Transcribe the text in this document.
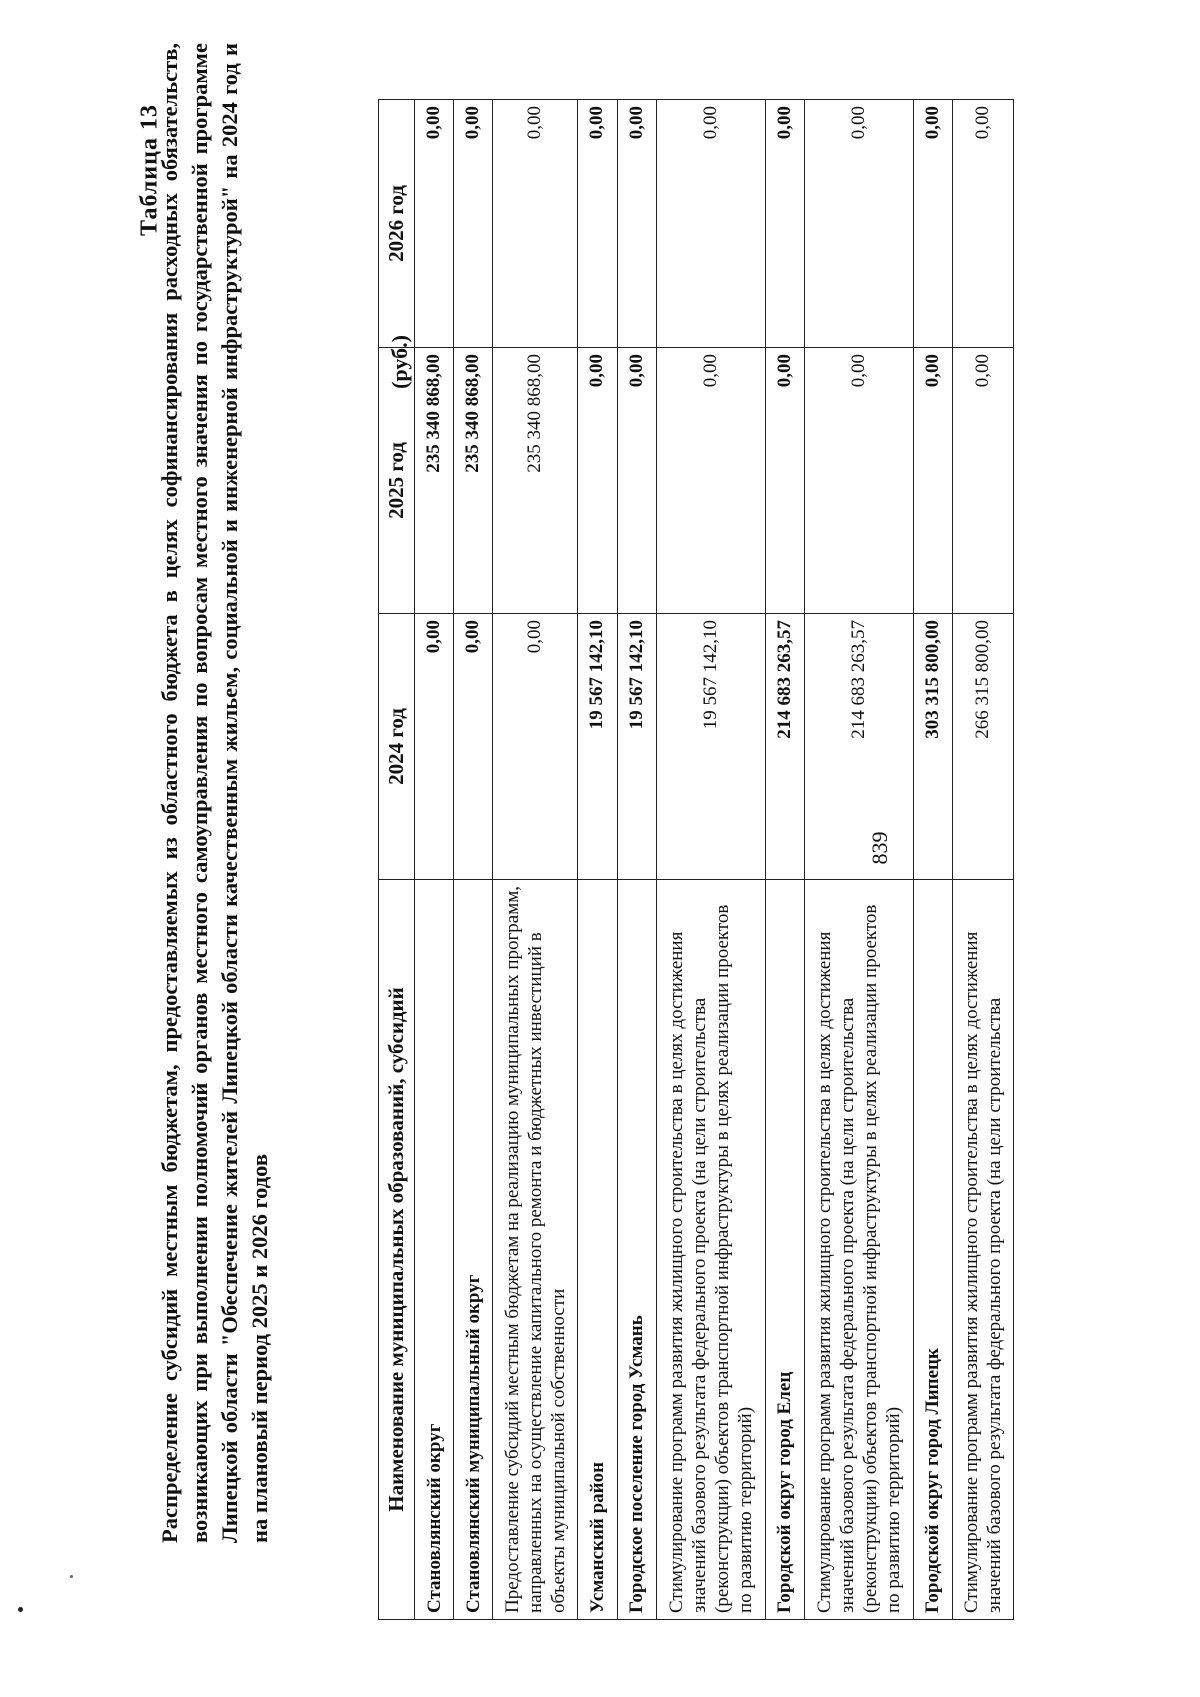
839
Таблица 13
Распределение субсидий местным бюджетам, предоставляемых из областного бюджета в целях софинансирования расходных обязательств, возникающих при выполнении полномочий органов местного самоуправления по вопросам местного значения по государственной программе Липецкой области "Обеспечение жителей Липецкой области качественным жильем, социальной и инженерной инфраструктурой" на 2024 год и на плановый период 2025 и 2026 годов
(руб.)
Наименование муниципальных образований, субсидий	2024 год	2025 год	2026 год
Становлянский округ	0,00	235 340 868,00	0,00
Становлянский муниципальный округ	0,00	235 340 868,00	0,00
Предоставление субсидий местным бюджетам на реализацию муниципальных программ, направленных на осуществление капитального ремонта и бюджетных инвестиций в объекты муниципальной собственности	0,00	235 340 868,00	0,00
Усманский район	19 567 142,10	0,00	0,00
Городское поселение город Усмань	19 567 142,10	0,00	0,00
Стимулирование программ развития жилищного строительства в целях достижения значений базового результата федерального проекта (на цели строительства (реконструкции) объектов транспортной инфраструктуры в целях реализации проектов по развитию территорий)	19 567 142,10	0,00	0,00
Городской округ город Елец	214 683 263,57	0,00	0,00
Стимулирование программ развития жилищного строительства в целях достижения значений базового результата федерального проекта (на цели строительства (реконструкции) объектов транспортной инфраструктуры в целях реализации проектов по развитию территорий)	214 683 263,57	0,00	0,00
Городской округ город Липецк	303 315 800,00	0,00	0,00
Стимулирование программ развития жилищного строительства в целях достижения значений базового результата федерального проекта (на цели строительства	266 315 800,00	0,00	0,00
